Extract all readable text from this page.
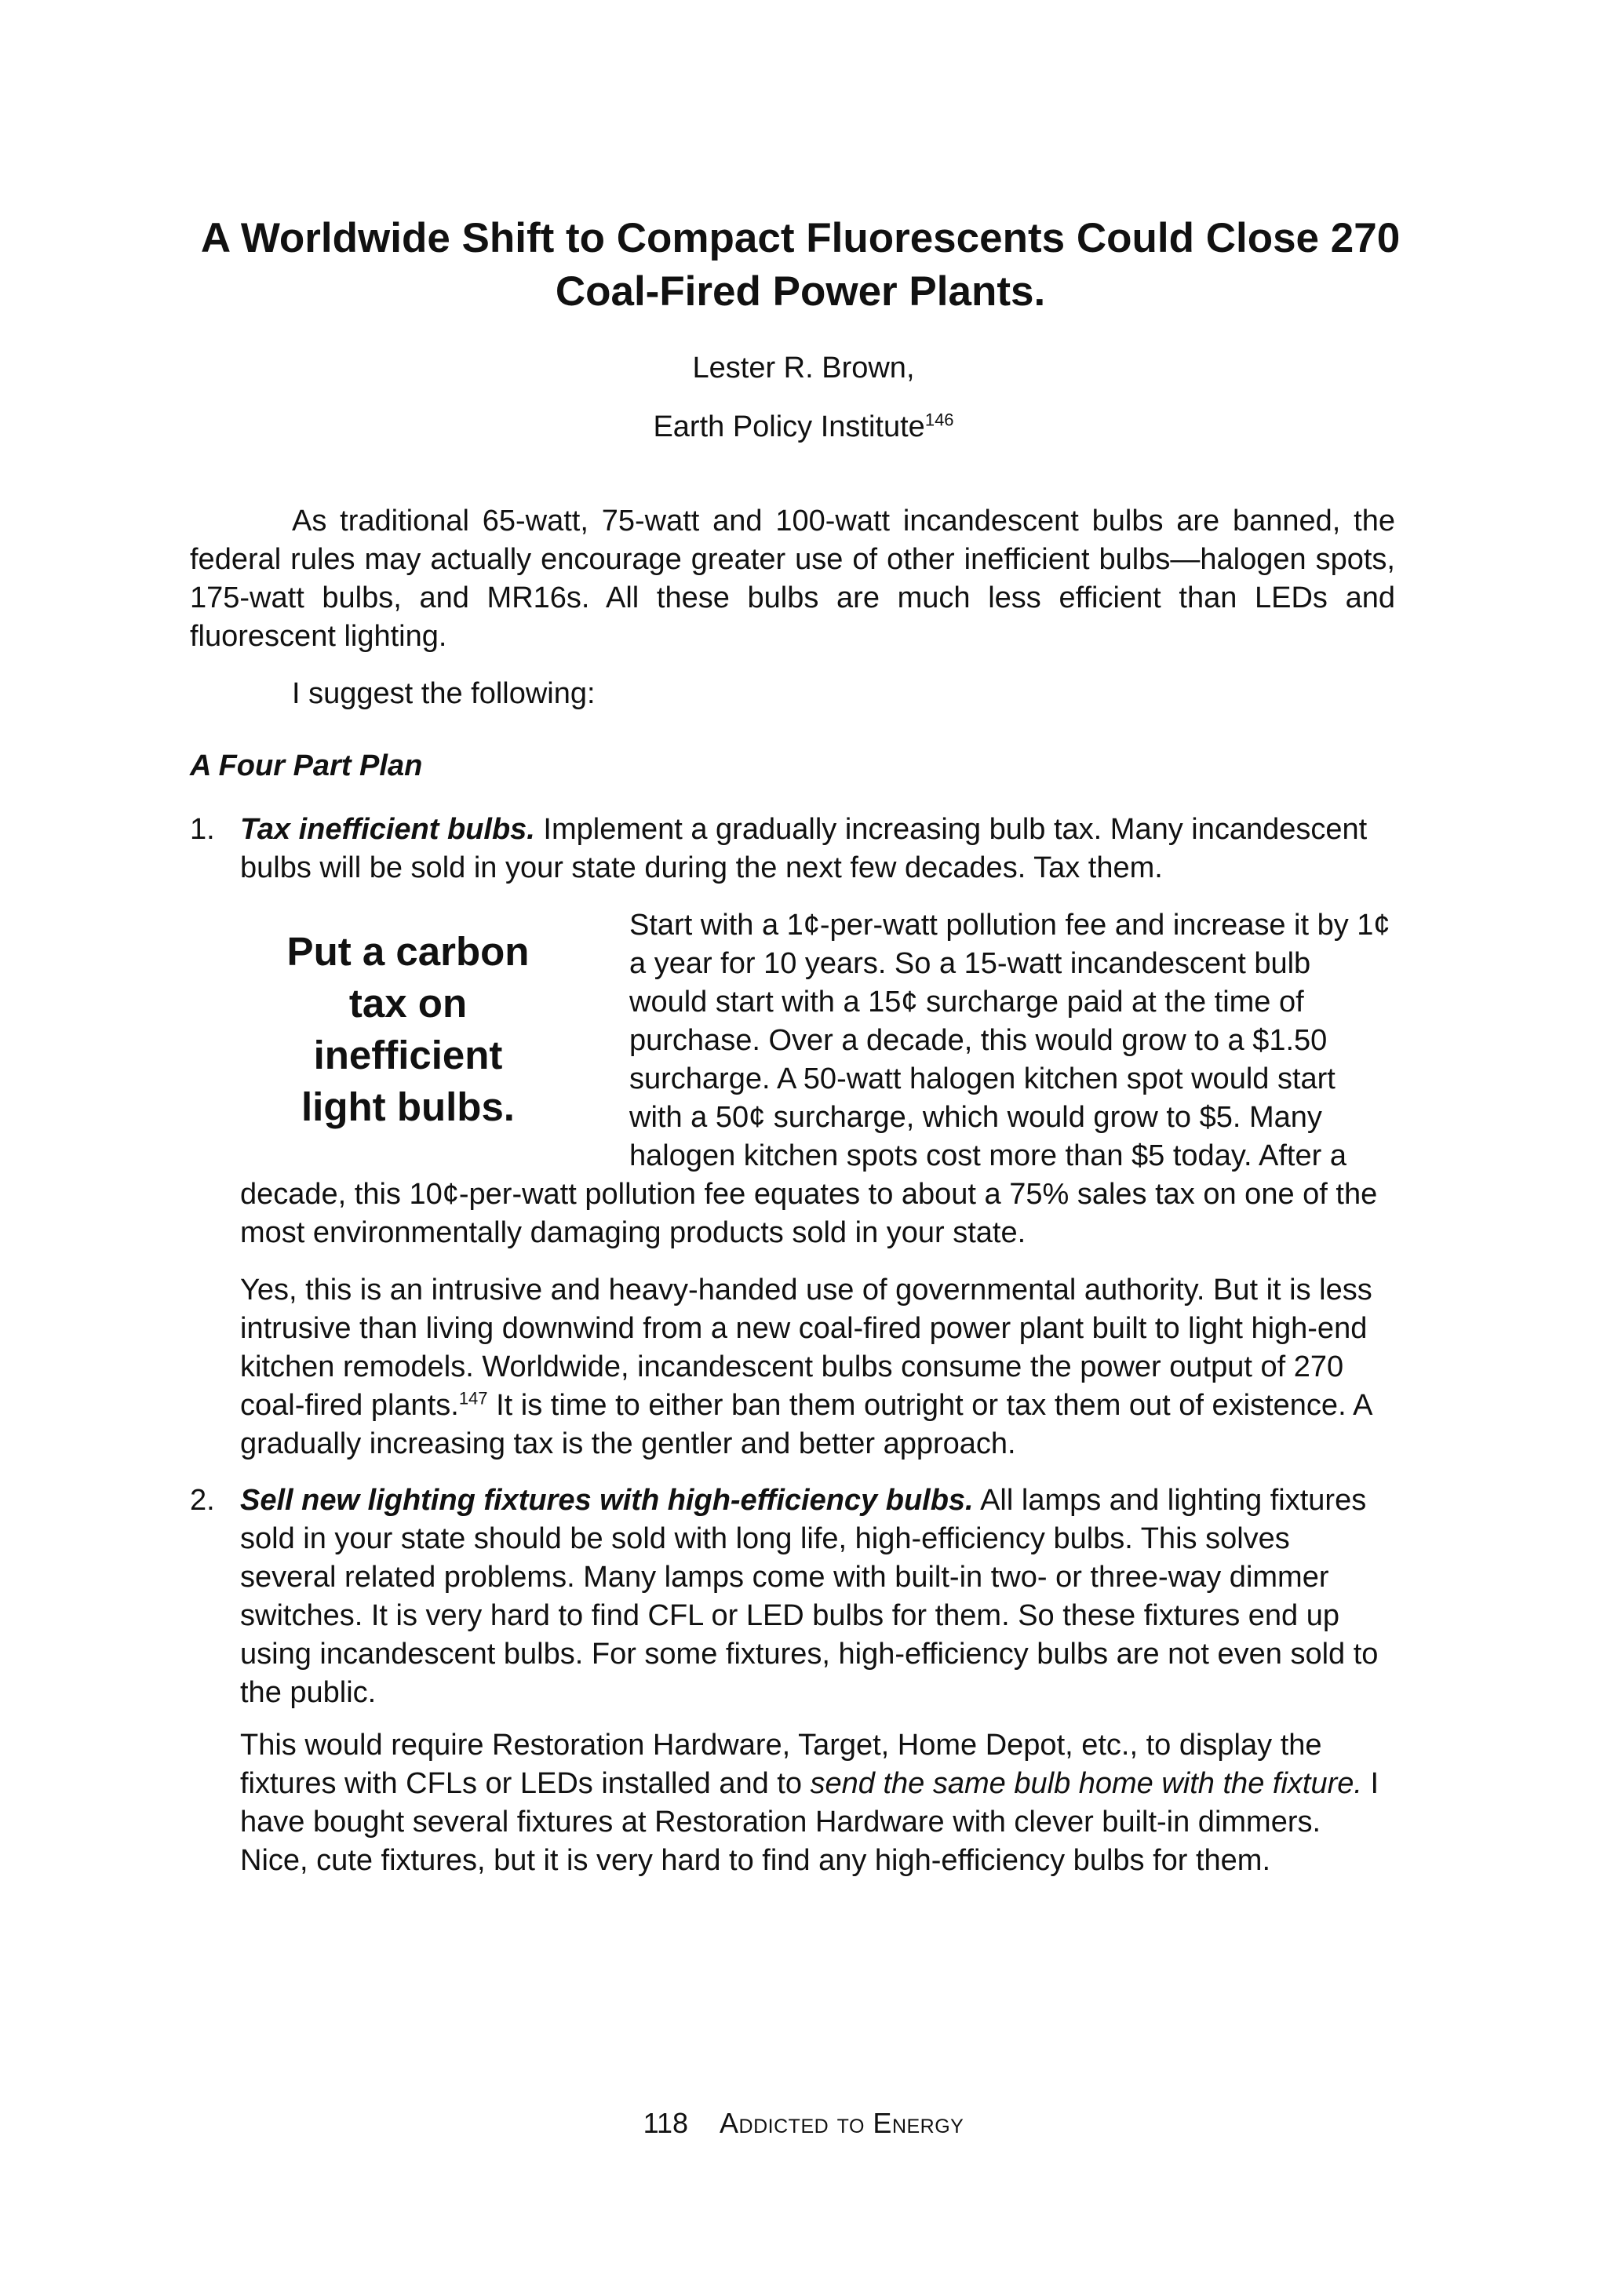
A Worldwide Shift to Compact Fluorescents Could Close 270 Coal-Fired Power Plants.
Lester R. Brown,
Earth Policy Institute$^{146}$

As traditional 65-watt, 75-watt and 100-watt incandescent bulbs are banned, the federal rules may actually encourage greater use of other inefficient bulbs—halogen spots, 175-watt bulbs, and MR16s. All these bulbs are much less efficient than LEDs and fluorescent lighting.

I suggest the following:

A Four Part Plan

1. Tax inefficient bulbs. Implement a gradually increasing bulb tax. Many incandescent bulbs will be sold in your state during the next few decades. Tax them.

Put a carbon tax on inefficient light bulbs.

Start with a 1¢-per-watt pollution fee and increase it by 1¢ a year for 10 years. So a 15-watt incandescent bulb would start with a 15¢ surcharge paid at the time of purchase. Over a decade, this would grow to a $1.50 surcharge. A 50-watt halogen kitchen spot would start with a 50¢ surcharge, which would grow to $5. Many halogen kitchen spots cost more than $5 today. After a

decade, this 10¢-per-watt pollution fee equates to about a 75% sales tax on one of the most environmentally damaging products sold in your state.

Yes, this is an intrusive and heavy-handed use of governmental authority. But it is less intrusive than living downwind from a new coal-fired power plant built to light high-end kitchen remodels. Worldwide, incandescent bulbs consume the power output of 270 coal-fired plants.$^{147}$ It is time to either ban them outright or tax them out of existence. A gradually increasing tax is the gentler and better approach.

2. Sell new lighting fixtures with high-efficiency bulbs. All lamps and lighting fixtures sold in your state should be sold with long life, high-efficiency bulbs. This solves several related problems. Many lamps come with built-in two- or three-way dimmer switches. It is very hard to find CFL or LED bulbs for them. So these fixtures end up using incandescent bulbs. For some fixtures, high-efficiency bulbs are not even sold to the public.

This would require Restoration Hardware, Target, Home Depot, etc., to display the fixtures with CFLs or LEDs installed and to send the same bulb home with the fixture. I have bought several fixtures at Restoration Hardware with clever built-in dimmers. Nice, cute fixtures, but it is very hard to find any high-efficiency bulbs for them.

118 Addicted to Energy
